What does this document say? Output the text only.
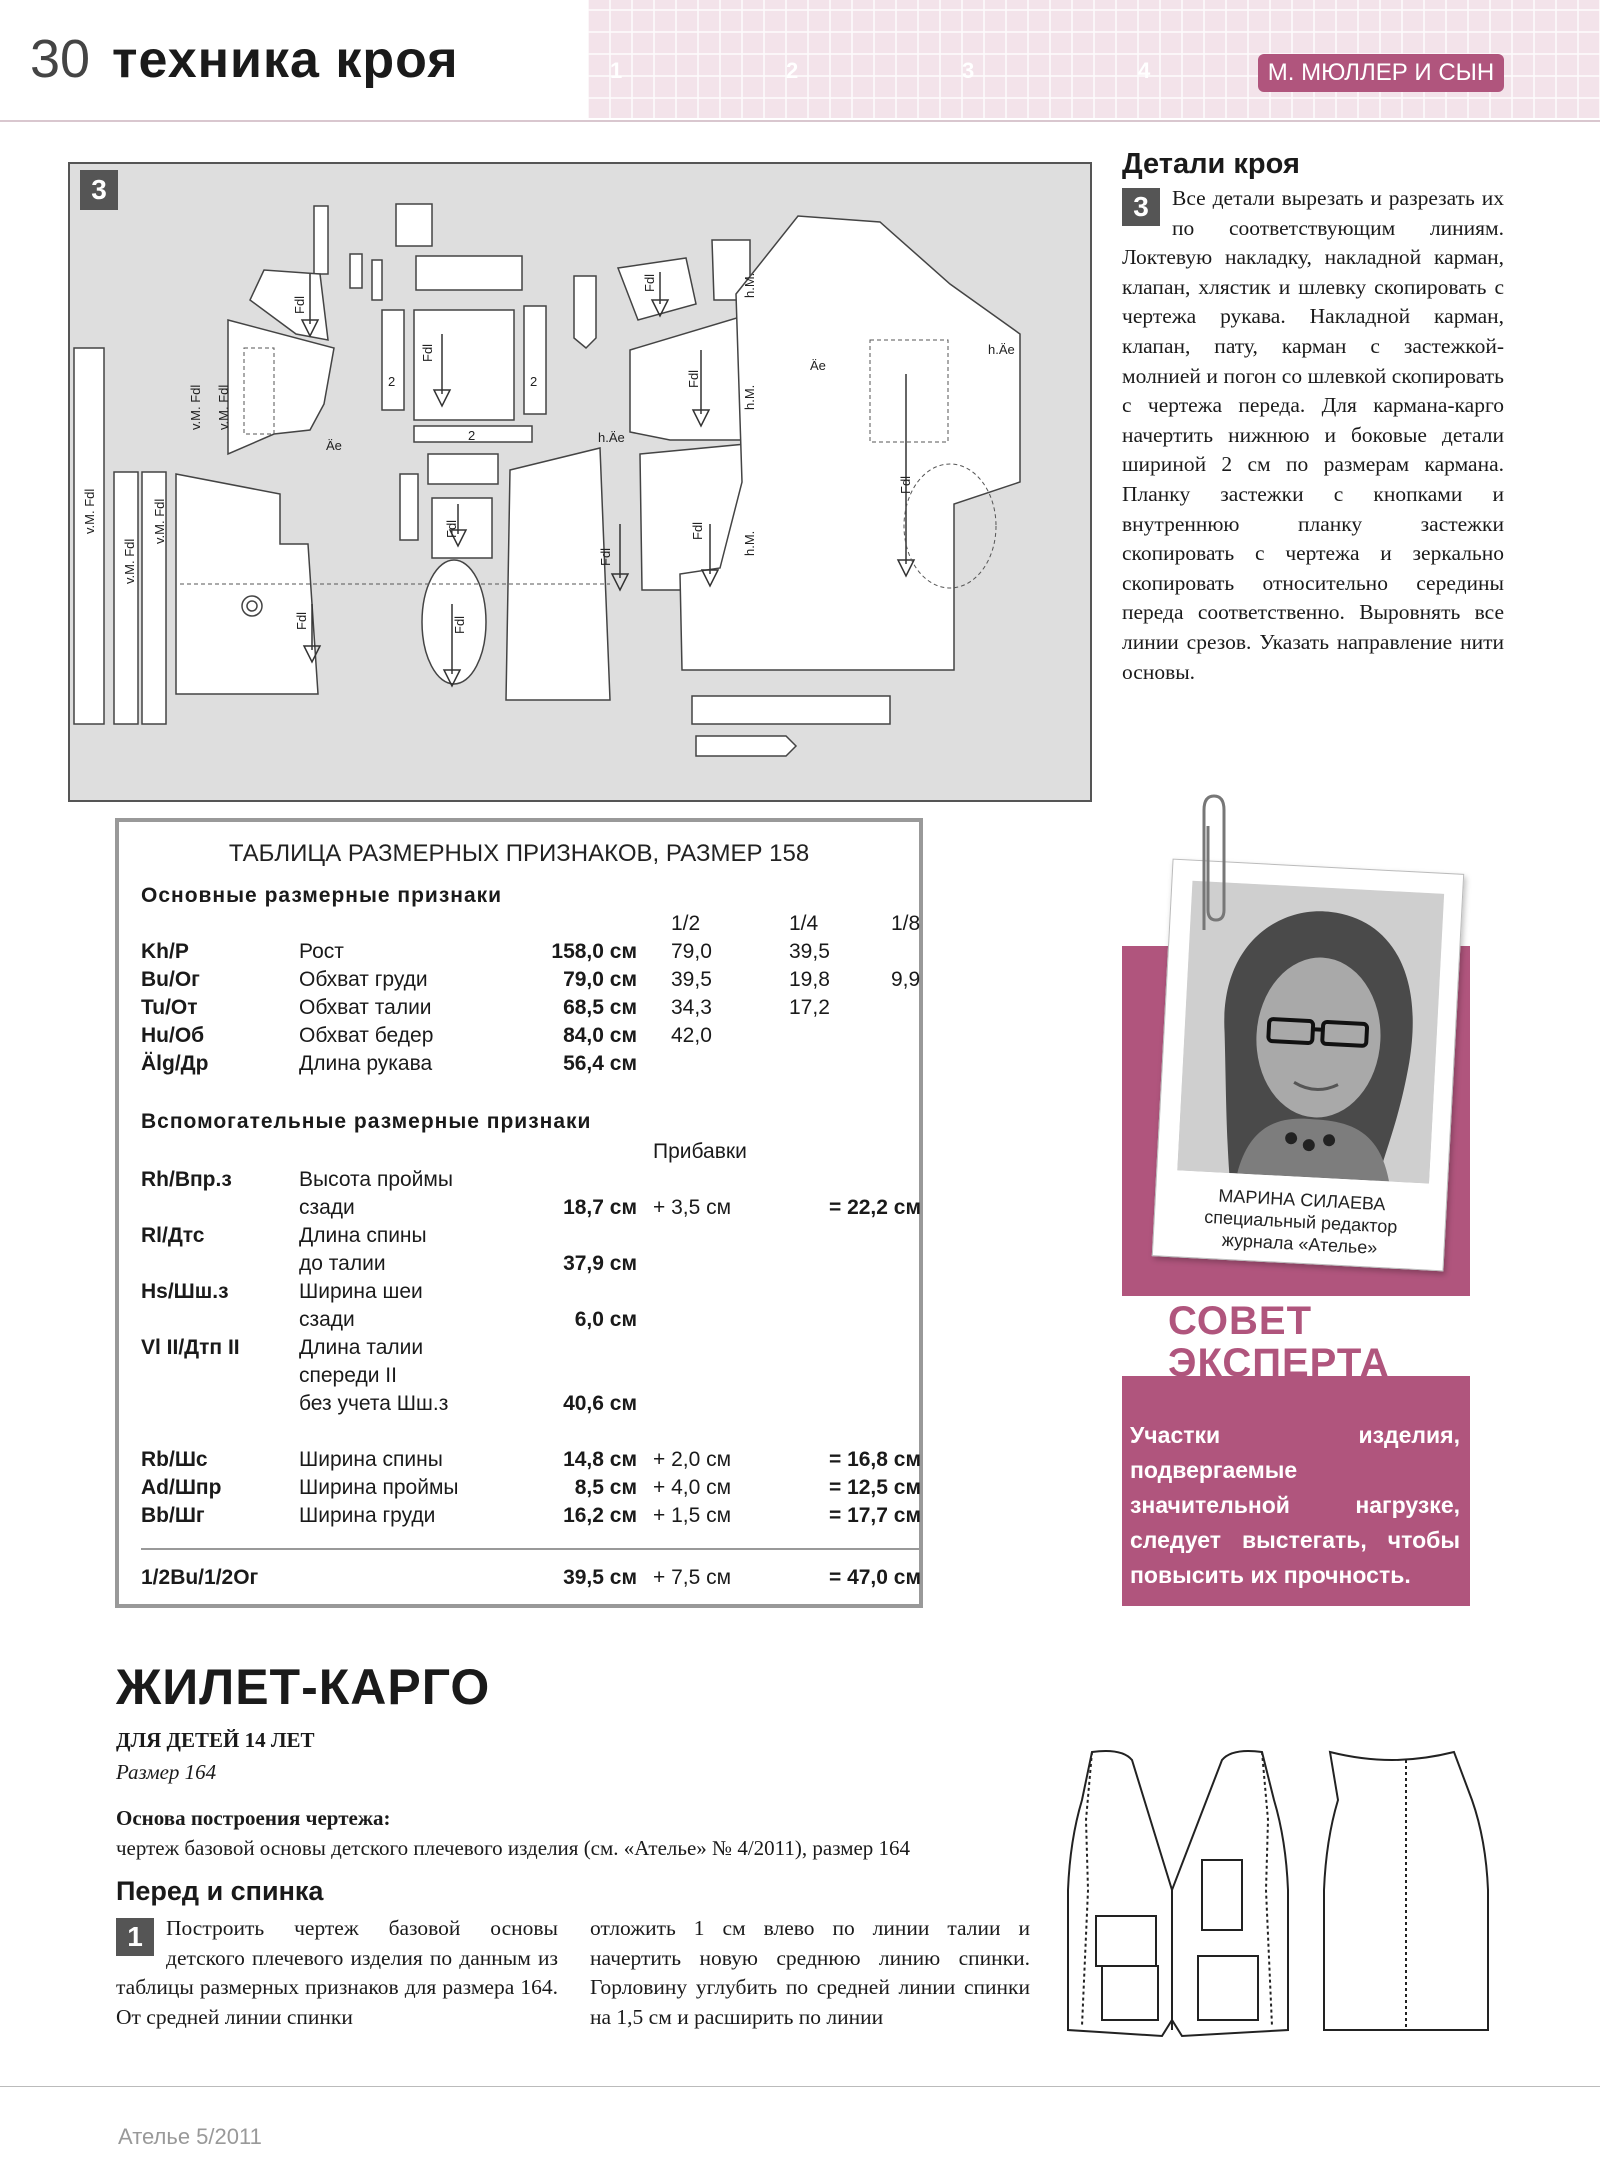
30 техника кроя	1	2	3	4	М. МЮЛЛЕР И СЫН
Fdl
Fdl
Fdl
Fdl
Fdl
Fdl
Fdl
Fdl	Fdl
Fdl
v.M. Fdl
v.M. Fdl v.M. Fdl
v.M. Fdl
v.M. Fdl
Äe
Äe
h.Äe
h.Äe
h.M.
h.M.
h.M.
2	2
2
3
Детали кроя
3	Все детали вырезать и разрезать их по соответствующим линиям. Локтевую накладку, накладной карман, клапан, хлястик и шлевку скопировать с чертежа рукава. Накладной карман, клапан, пату, карман с застежкой-молнией и погон со шлевкой скопировать с чертежа переда. Для кармана-карго начертить нижнюю и боковые детали шириной 2 см по размерам кармана. Планку застежки с кнопками и внутреннюю планку застежки скопировать с чертежа и зеркально скопировать относительно середины переда соответственно. Выровнять все линии срезов. Указать направление нити основы.
ТАБЛИЦА РАЗМЕРНЫХ ПРИЗНАКОВ, РАЗМЕР 158
Основные размерные признаки
1/2	1/4	1/8
Kh/P	Рост	158,0 см 79,0	39,5
Bu/Ог	Обхват груди	79,0 см 39,5	19,8	9,9
Tu/От	Обхват талии	68,5 см 34,3	17,2
Hu/Об	Обхват бедер	84,0 см 42,0
Älg/Др	Длина рукава	56,4 см
Вспомогательные размерные признаки
Прибавки
Rh/Впр.з	Высота проймы
сзади	18,7 см + 3,5 см	= 22,2 см
Rl/Дтс	Длина спины
до талии	37,9 см
Hs/Шш.з	Ширина шеи
сзади	6,0 см
Vl II/Дтп II	Длина талии
спереди II
без учета Шш.з	40,6 см
Rb/Шс	Ширина спины	14,8 см + 2,0 см	= 16,8 см
Ad/Шпр	Ширина проймы	8,5 см + 4,0 см	= 12,5 см
Bb/Шг	Ширина груди	16,2 см + 1,5 см	= 17,7 см
1/2Bu/1/2Ог	39,5 см + 7,5 см	= 47,0 см
МАРИНА СИЛАЕВА
специальный редактор
журнала «Ателье»
СОВЕТ
ЭКСПЕРТА
Участки изделия, подвергаемые значительной нагрузке, следует выстегать, чтобы повысить их прочность.
ЖИЛЕТ-КАРГО
ДЛЯ ДЕТЕЙ 14 ЛЕТ
Размер 164
Основа построения чертежа:
чертеж базовой основы детского плечевого изделия (см. «Ателье» № 4/2011), размер 164
Перед и спинка
1	Построить чертеж базовой основы детского плечевого изделия по данным из таблицы размерных признаков для размера 164. От средней линии спинки
отложить 1 см влево по линии талии и начертить новую среднюю линию спинки. Горловину углубить по средней линии спинки на 1,5 см и расширить по линии
Ателье 5/2011
